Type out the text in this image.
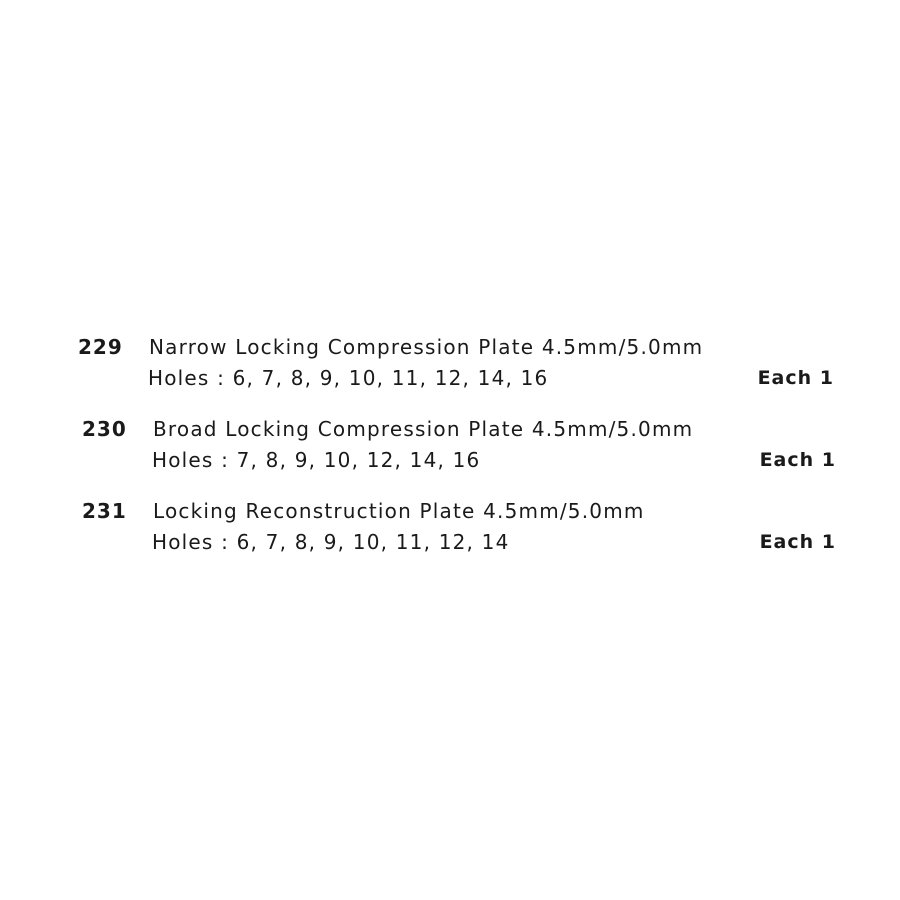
229 Narrow Locking Compression Plate 4.5mm/5.0mm
Holes : 6, 7, 8, 9, 10, 11, 12, 14, 16	Each 1
230 Broad Locking Compression Plate 4.5mm/5.0mm
Holes : 7, 8, 9, 10, 12, 14, 16	Each 1
231 Locking Reconstruction Plate 4.5mm/5.0mm
Holes : 6, 7, 8, 9, 10, 11, 12, 14	Each 1
